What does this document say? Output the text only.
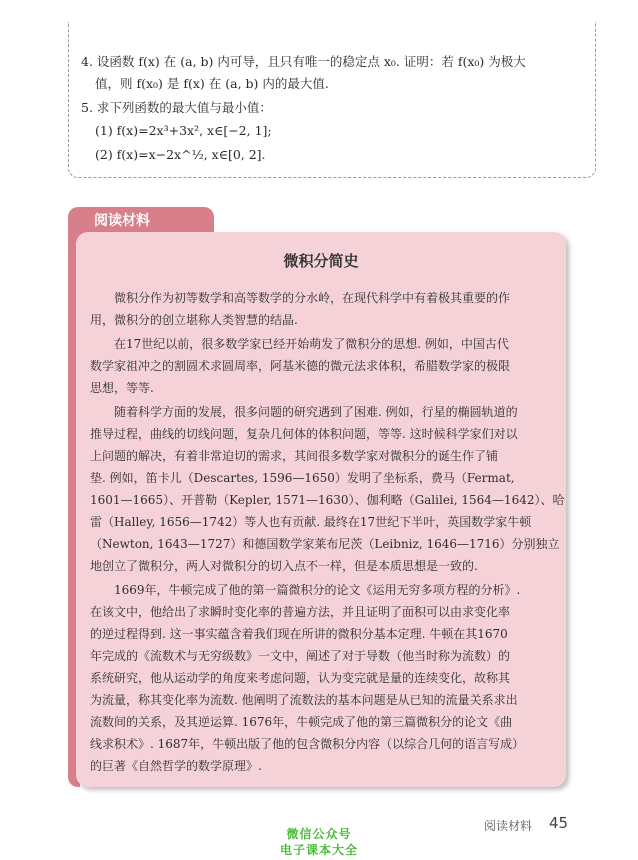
4. 设函数 f(x) 在 (a, b) 内可导，且只有唯一的稳定点 x₀. 证明：若 f(x₀) 为极大
值，则 f(x₀) 是 f(x) 在 (a, b) 内的最大值.
5. 求下列函数的最大值与最小值：
(1) f(x)=2x³+3x², x∈[−2, 1];
(2) f(x)=x−2x^½, x∈[0, 2].
阅读材料
微积分简史
　　微积分作为初等数学和高等数学的分水岭，在现代科学中有着极其重要的作
用，微积分的创立堪称人类智慧的结晶.
　　在17世纪以前，很多数学家已经开始萌发了微积分的思想. 例如，中国古代
数学家祖冲之的割圆术求圆周率，阿基米德的微元法求体积，希腊数学家的极限
思想，等等.
　　随着科学方面的发展，很多问题的研究遇到了困难. 例如，行星的椭圆轨道的
推导过程，曲线的切线问题，复杂几何体的体积问题，等等. 这时候科学家们对以
上问题的解决，有着非常迫切的需求，其间很多数学家对微积分的诞生作了铺
垫. 例如，笛卡儿（Descartes, 1596—1650）发明了坐标系，费马（Fermat,
1601—1665）、开普勒（Kepler, 1571—1630）、伽利略（Galilei, 1564—1642）、哈
雷（Halley, 1656—1742）等人也有贡献. 最终在17世纪下半叶，英国数学家牛顿
（Newton, 1643—1727）和德国数学家莱布尼茨（Leibniz, 1646—1716）分别独立
地创立了微积分，两人对微积分的切入点不一样，但是本质思想是一致的.
　　1669年，牛顿完成了他的第一篇微积分的论文《运用无穷多项方程的分析》.
在该文中，他给出了求瞬时变化率的普遍方法，并且证明了面积可以由求变化率
的逆过程得到. 这一事实蕴含着我们现在所讲的微积分基本定理. 牛顿在其1670
年完成的《流数术与无穷级数》一文中，阐述了对于导数（他当时称为流数）的
系统研究，他从运动学的角度来考虑问题，认为变完就是量的连续变化，故称其
为流量，称其变化率为流数. 他阐明了流数法的基本问题是从已知的流量关系求出
流数间的关系，及其逆运算. 1676年，牛顿完成了他的第三篇微积分的论文《曲
线求积术》. 1687年，牛顿出版了他的包含微积分内容（以综合几何的语言写成）
的巨著《自然哲学的数学原理》.
阅读材料 45
微信公众号
电子课本大全
